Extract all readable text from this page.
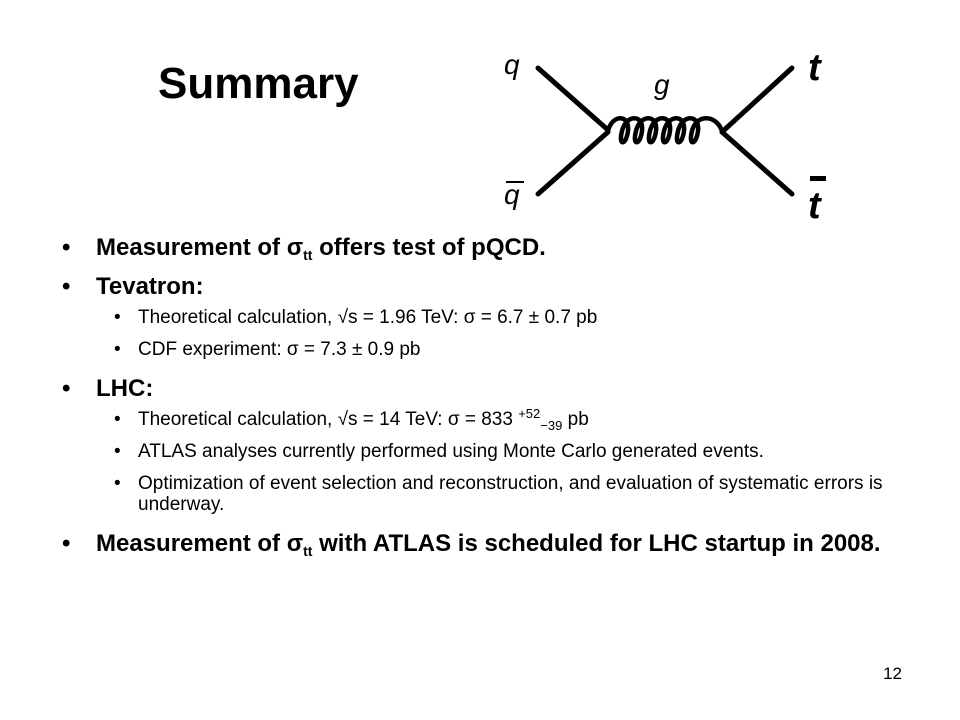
Summary	q
g	t
q	t
• Measurement of $\sigma_{tt}$ offers test of pQCD.
• Tevatron:
• Theoretical calculation, √s = 1.96 TeV: σ = 6.7 ± 0.7 pb
• CDF experiment: σ = 7.3 ± 0.9 pb
• LHC:
• Theoretical calculation, √s = 14 TeV: σ = 833 $^{+52}_{-39}$ pb
• ATLAS analyses currently performed using Monte Carlo generated events.
• Optimization of event selection and reconstruction, and evaluation of systematic errors is underway.
• Measurement of $\sigma_{tt}$ with ATLAS is scheduled for LHC startup in 2008.
12
